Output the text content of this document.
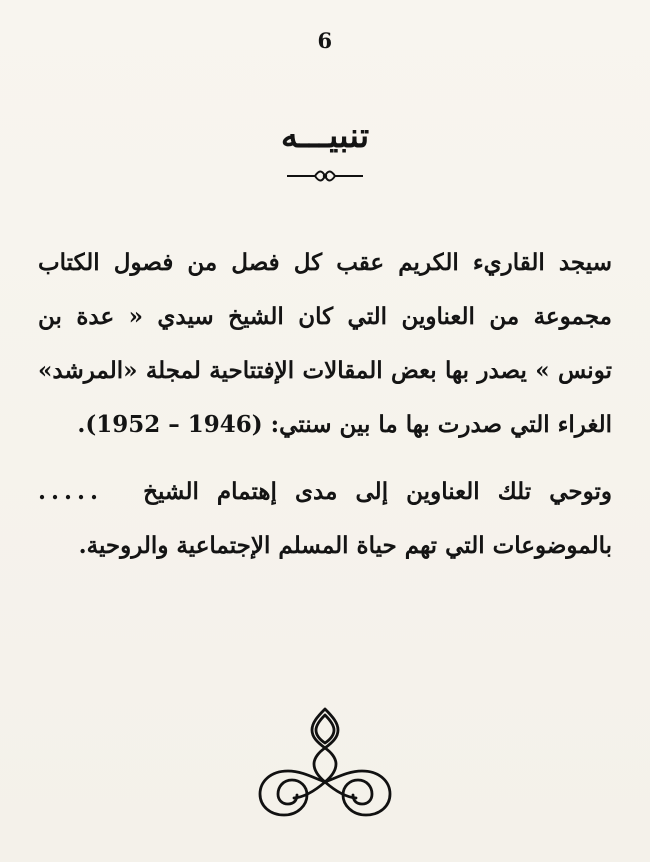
6
تنبيـــه
سيجد القاريء الكريم عقب كل فصل من فصول الكتاب مجموعة من العناوين التي كان الشيخ سيدي « عدة بن تونس » يصدر بها بعض المقالات الإفتتاحية لمجلة «المرشد» الغراء التي صدرت بها ما بين سنتي: (1946 – 1952).
وتوحي تلك العناوين إلى مدى إهتمام الشيخ ..... بالموضوعات التي تهم حياة المسلم الإجتماعية والروحية.
